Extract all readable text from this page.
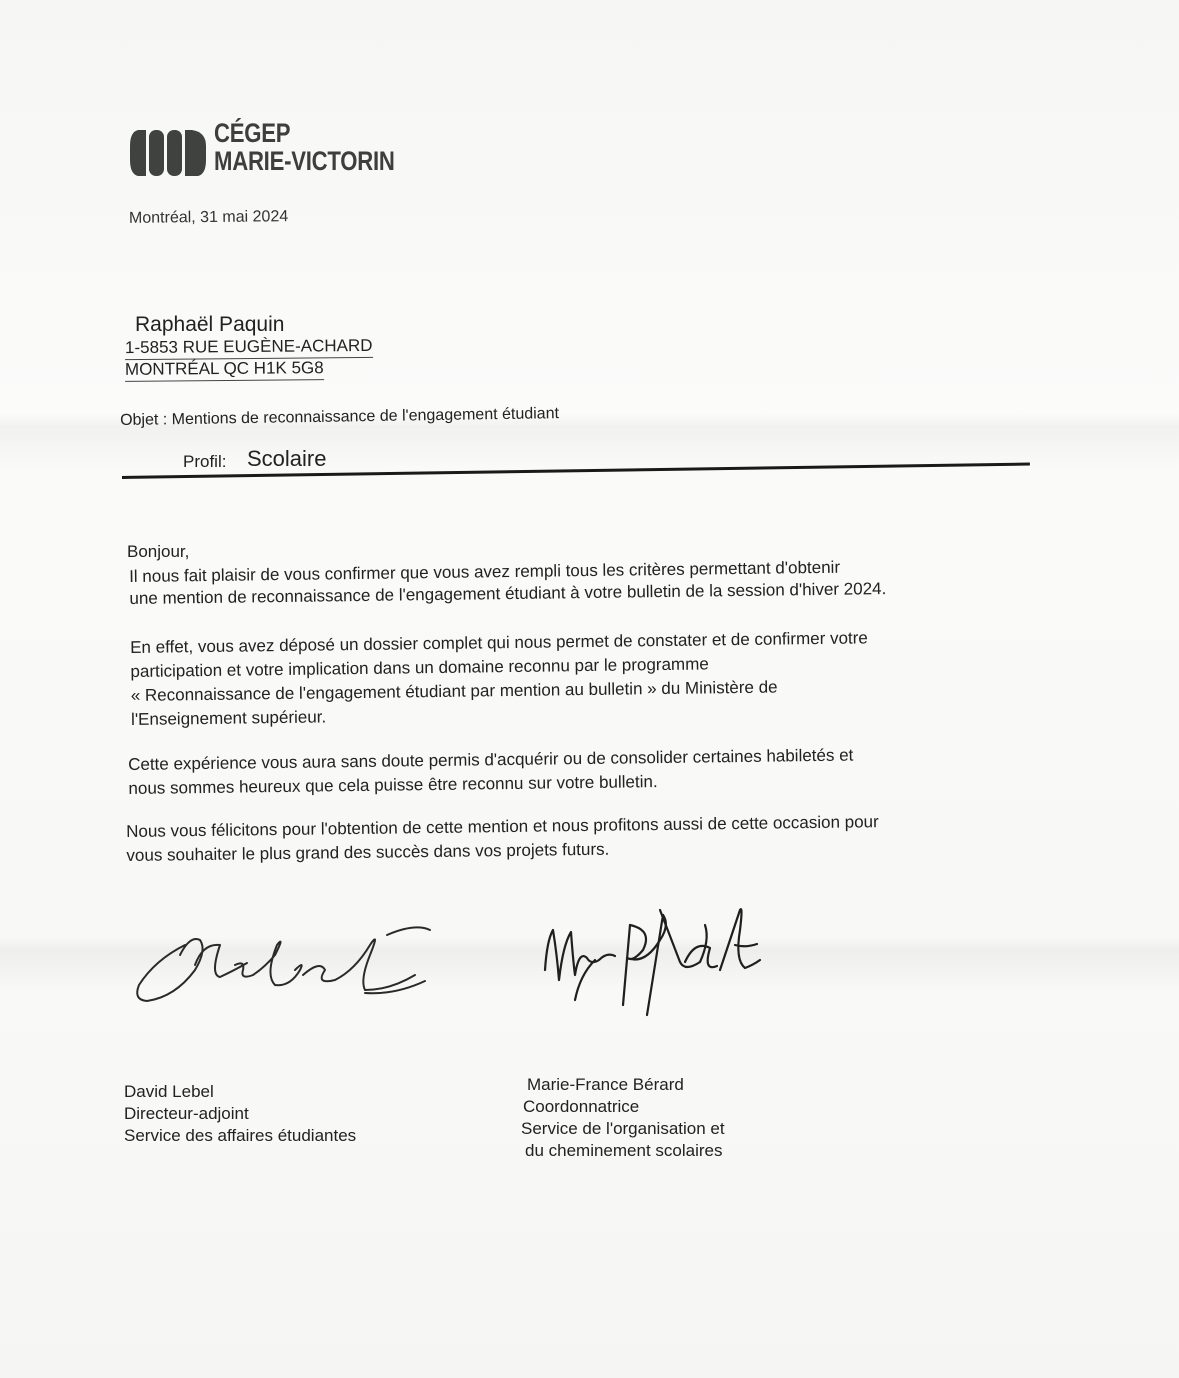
CÉGEP
MARIE-VICTORIN
Montréal, 31 mai 2024
Raphaël Paquin
1-5853 RUE EUGÈNE-ACHARD
MONTRÉAL QC H1K 5G8
Objet : Mentions de reconnaissance de l'engagement étudiant
Profil: Scolaire
Bonjour,
Il nous fait plaisir de vous confirmer que vous avez rempli tous les critères permettant d'obtenir
une mention de reconnaissance de l'engagement étudiant à votre bulletin de la session d'hiver 2024.
En effet, vous avez déposé un dossier complet qui nous permet de constater et de confirmer votre
participation et votre implication dans un domaine reconnu par le programme
« Reconnaissance de l'engagement étudiant par mention au bulletin » du Ministère de
l'Enseignement supérieur.
Cette expérience vous aura sans doute permis d'acquérir ou de consolider certaines habiletés et
nous sommes heureux que cela puisse être reconnu sur votre bulletin.
Nous vous félicitons pour l'obtention de cette mention et nous profitons aussi de cette occasion pour
vous souhaiter le plus grand des succès dans vos projets futurs.
David Lebel
Directeur-adjoint
Service des affaires étudiantes
Marie-France Bérard
Coordonnatrice
Service de l'organisation et
du cheminement scolaires
